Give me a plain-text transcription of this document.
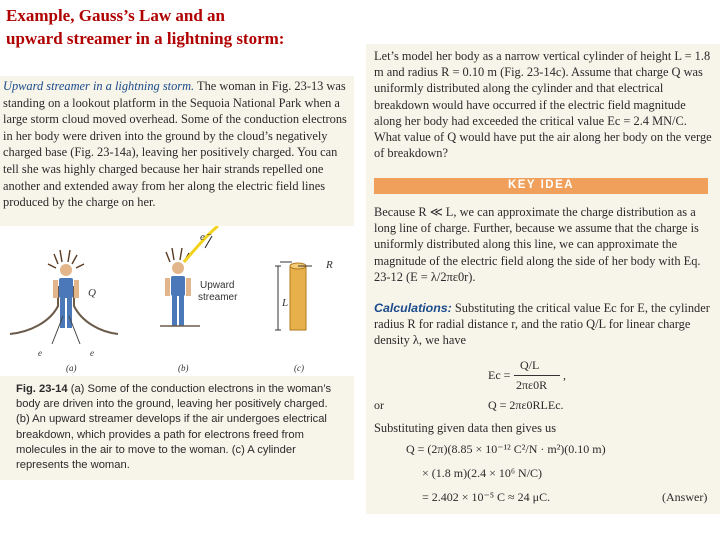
Example, Gauss’s Law and an
upward streamer in a lightning storm:
Upward streamer in a lightning storm. The woman in Fig. 23-13 was standing on a lookout platform in the Sequoia National Park when a large storm cloud moved overhead. Some of the conduction electrons in her body were driven into the ground by the cloud’s negatively charged base (Fig. 23-14a), leaving her positively charged. You can tell she was highly charged because her hair strands repelled one another and extended away from her along the electric field lines produced by the charge on her.
Q
e⁻
Upward
streamer
R
L
e	e
(a)	(b)	(c)
Fig. 23-14 (a) Some of the conduction electrons in the woman’s body are driven into the ground, leaving her positively charged. (b) An upward streamer develops if the air undergoes electrical breakdown, which provides a path for electrons freed from molecules in the air to move to the woman. (c) A cylinder represents the woman.
Let’s model her body as a narrow vertical cylinder of height L = 1.8 m and radius R = 0.10 m (Fig. 23-14c). Assume that charge Q was uniformly distributed along the cylinder and that electrical breakdown would have occurred if the electric field magnitude along her body had exceeded the critical value Ec = 2.4 MN/C. What value of Q would have put the air along her body on the verge of breakdown?
KEY IDEA
Because R ≪ L, we can approximate the charge distribution as a long line of charge. Further, because we assume that the charge is uniformly distributed along this line, we can approximate the magnitude of the electric field along the side of her body with Eq. 23-12 (E = λ/2πε0r).
Calculations: Substituting the critical value Ec for E, the cylinder radius R for radial distance r, and the ratio Q/L for linear charge density λ, we have
Ec =
Q/L
2πε0R
,
or	Q = 2πε0RLEc.
Substituting given data then gives us
Q = (2π)(8.85 × 10⁻¹² C²/N · m²)(0.10 m)
× (1.8 m)(2.4 × 10⁶ N/C)
= 2.402 × 10⁻⁵ C ≈ 24 μC.	(Answer)
